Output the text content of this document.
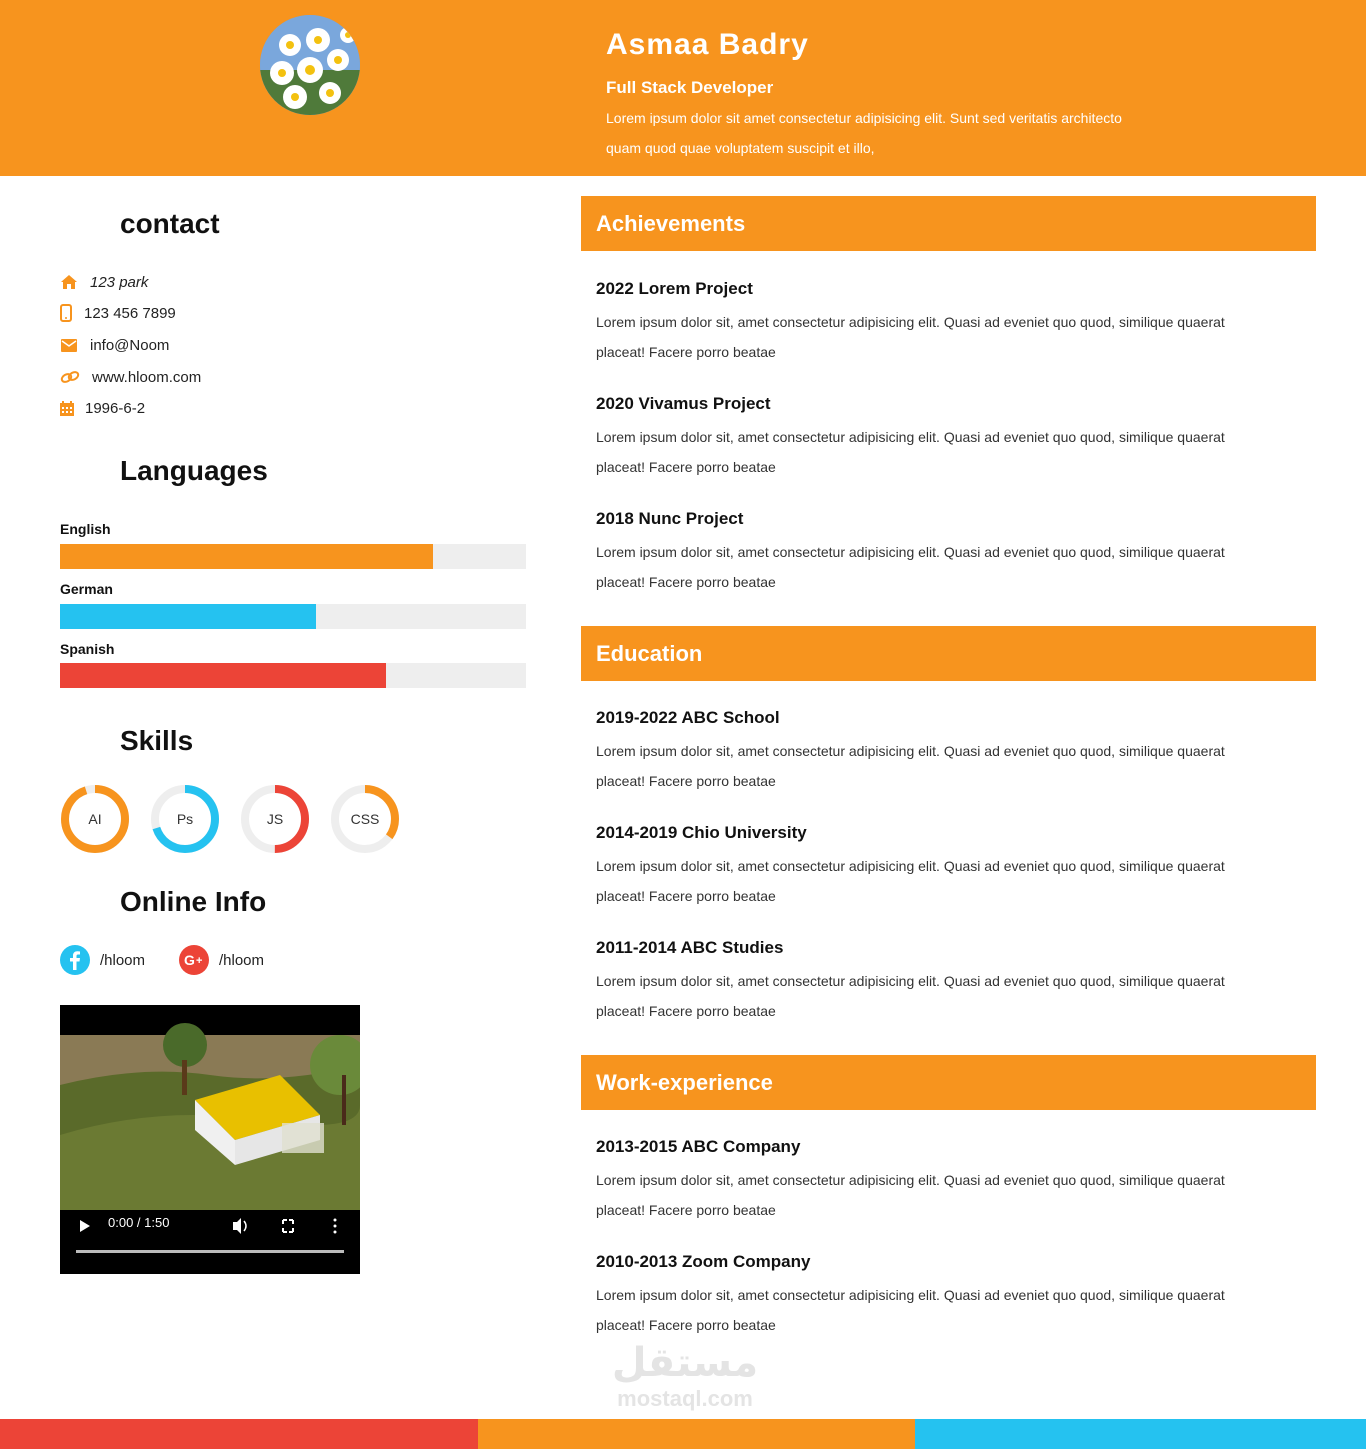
Asmaa Badry
Full Stack Developer
Lorem ipsum dolor sit amet consectetur adipisicing elit. Sunt sed veritatis architecto quam quod quae voluptatem suscipit et illo,
contact
123 park
123 456 7899
info@Noom
www.hloom.com
1996-6-2
Languages
English
German
Spanish
Skills
AI	Ps	JS	CSS
Online Info
/hloom	G + /hloom
0:00 / 1:50
Achievements
2022 Lorem Project
Lorem ipsum dolor sit, amet consectetur adipisicing elit. Quasi ad eveniet quo quod, similique quaerat
placeat! Facere porro beatae
2020 Vivamus Project
Lorem ipsum dolor sit, amet consectetur adipisicing elit. Quasi ad eveniet quo quod, similique quaerat
placeat! Facere porro beatae
2018 Nunc Project
Lorem ipsum dolor sit, amet consectetur adipisicing elit. Quasi ad eveniet quo quod, similique quaerat
placeat! Facere porro beatae
Education
2019-2022 ABC School
Lorem ipsum dolor sit, amet consectetur adipisicing elit. Quasi ad eveniet quo quod, similique quaerat
placeat! Facere porro beatae
2014-2019 Chio University
Lorem ipsum dolor sit, amet consectetur adipisicing elit. Quasi ad eveniet quo quod, similique quaerat
placeat! Facere porro beatae
2011-2014 ABC Studies
Lorem ipsum dolor sit, amet consectetur adipisicing elit. Quasi ad eveniet quo quod, similique quaerat
placeat! Facere porro beatae
Work-experience
2013-2015 ABC Company
Lorem ipsum dolor sit, amet consectetur adipisicing elit. Quasi ad eveniet quo quod, similique quaerat
placeat! Facere porro beatae
2010-2013 Zoom Company
Lorem ipsum dolor sit, amet consectetur adipisicing elit. Quasi ad eveniet quo quod, similique quaerat
placeat! Facere porro beatae
مستقل
mostaql.com
